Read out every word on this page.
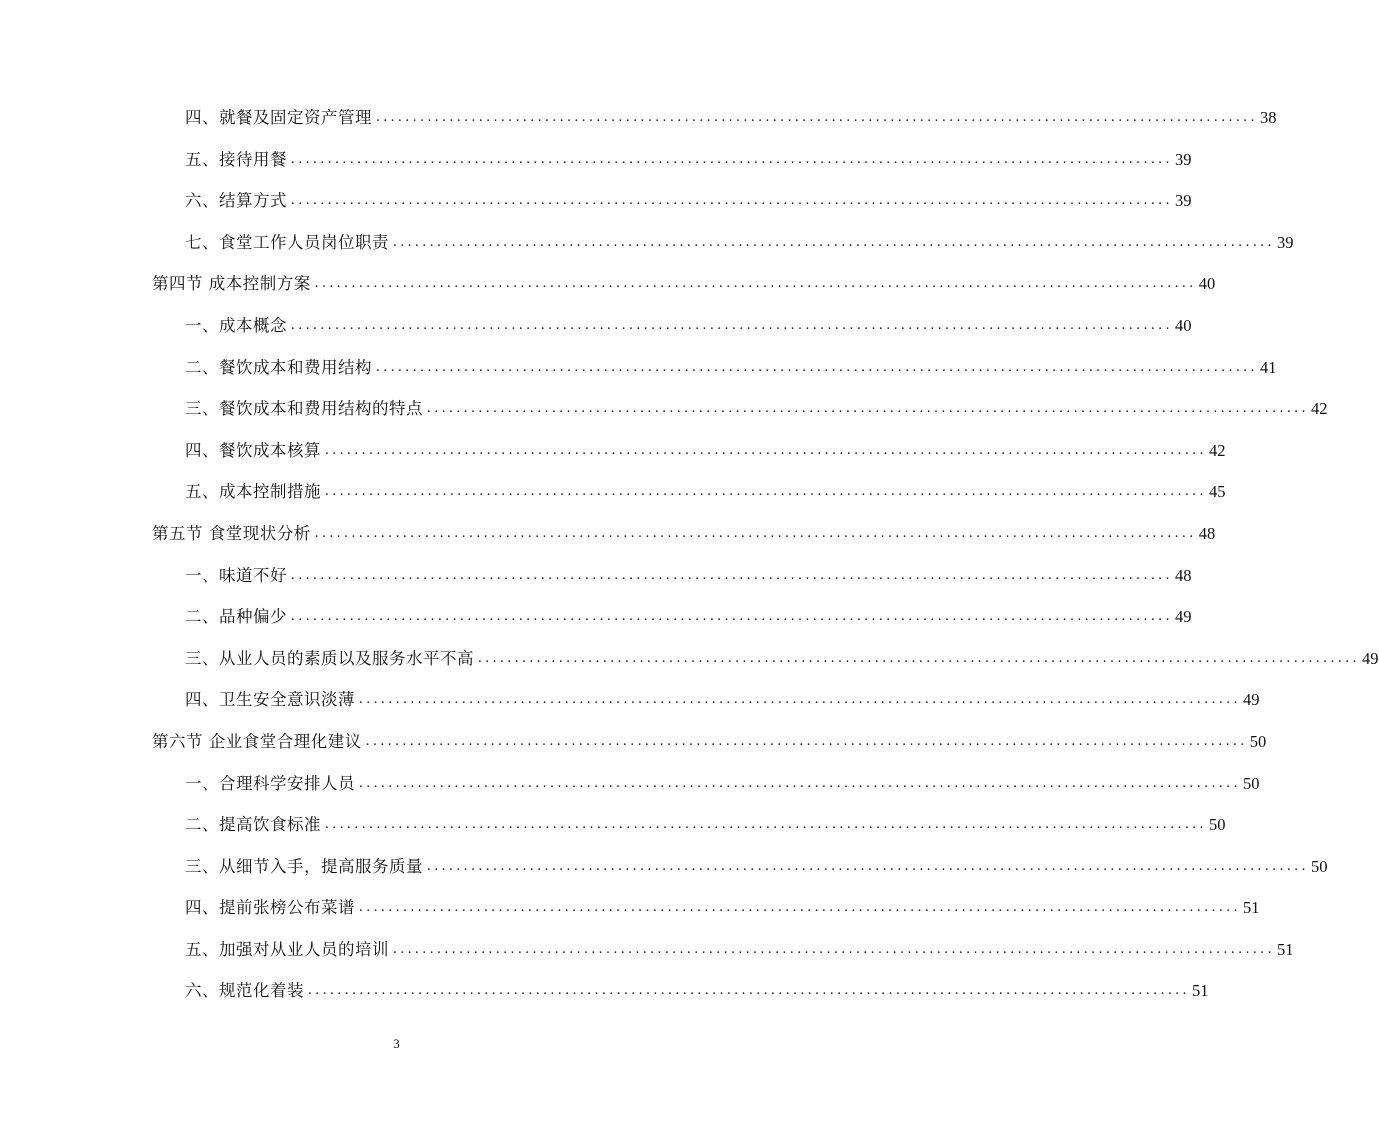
四、就餐及固定资产管理 ........................................................................................................................ 38
五、接待用餐 ........................................................................................................................ 39
六、结算方式 ........................................................................................................................ 39
七、食堂工作人员岗位职责 ........................................................................................................................ 39
第四节 成本控制方案 ........................................................................................................................ 40
一、成本概念 ........................................................................................................................ 40
二、餐饮成本和费用结构 ........................................................................................................................ 41
三、餐饮成本和费用结构的特点 ........................................................................................................................ 42
四、餐饮成本核算 ........................................................................................................................ 42
五、成本控制措施 ........................................................................................................................ 45
第五节 食堂现状分析 ........................................................................................................................ 48
一、味道不好 ........................................................................................................................ 48
二、品种偏少 ........................................................................................................................ 49
三、从业人员的素质以及服务水平不高 ........................................................................................................................ 49
四、卫生安全意识淡薄 ........................................................................................................................ 49
第六节 企业食堂合理化建议 ........................................................................................................................ 50
一、合理科学安排人员 ........................................................................................................................ 50
二、提高饮食标准 ........................................................................................................................ 50
三、从细节入手，提高服务质量 ........................................................................................................................ 50
四、提前张榜公布菜谱 ........................................................................................................................ 51
五、加强对从业人员的培训 ........................................................................................................................ 51
六、规范化着装 ........................................................................................................................ 51
3
